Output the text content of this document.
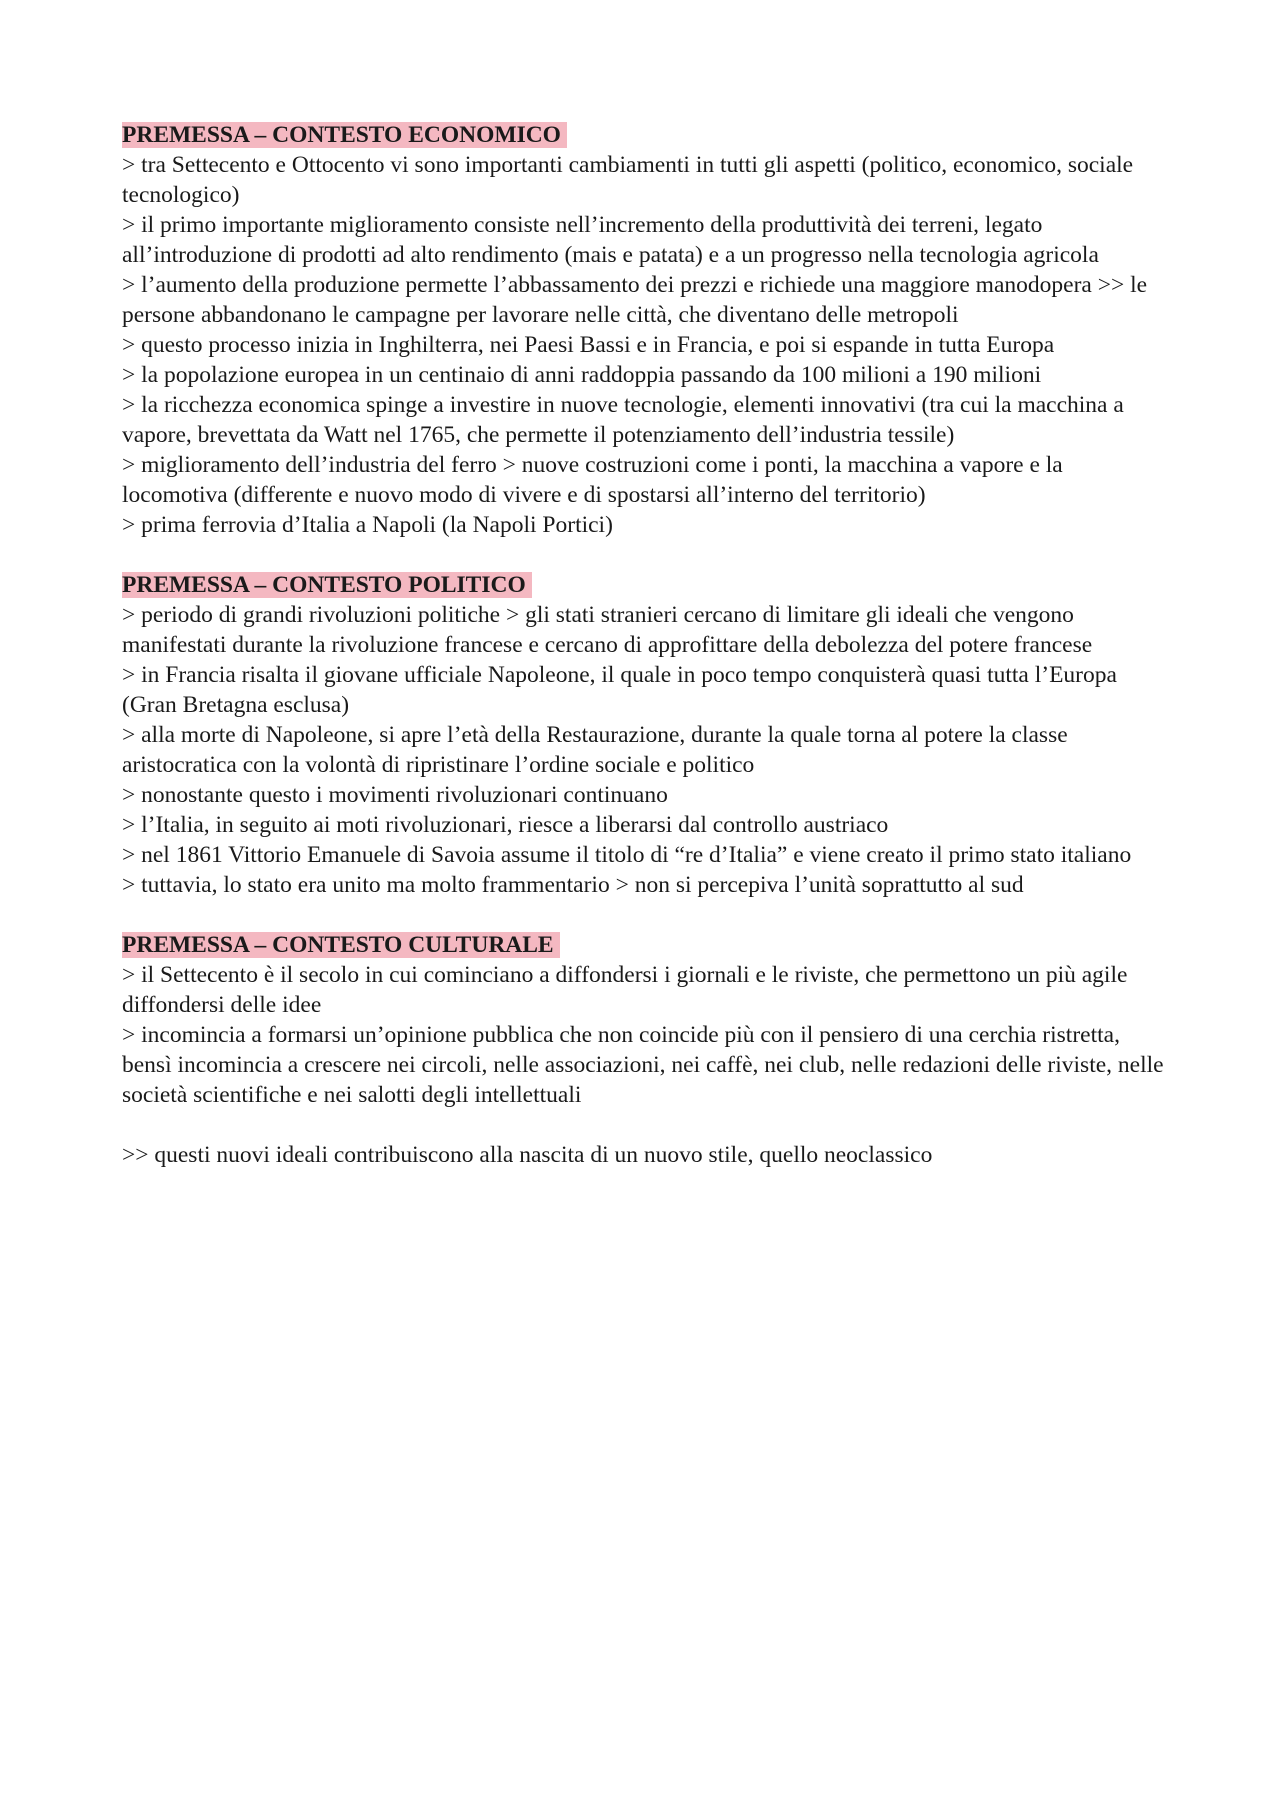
PREMESSA – CONTESTO ECONOMICO

> tra Settecento e Ottocento vi sono importanti cambiamenti in tutti gli aspetti (politico, economico, sociale tecnologico)

> il primo importante miglioramento consiste nell’incremento della produttività dei terreni, legato all’introduzione di prodotti ad alto rendimento (mais e patata) e a un progresso nella tecnologia agricola

> l’aumento della produzione permette l’abbassamento dei prezzi e richiede una maggiore manodopera >> le persone abbandonano le campagne per lavorare nelle città, che diventano delle metropoli

> questo processo inizia in Inghilterra, nei Paesi Bassi e in Francia, e poi si espande in tutta Europa

> la popolazione europea in un centinaio di anni raddoppia passando da 100 milioni a 190 milioni

> la ricchezza economica spinge a investire in nuove tecnologie, elementi innovativi (tra cui la macchina a vapore, brevettata da Watt nel 1765, che permette il potenziamento dell’industria tessile)

> miglioramento dell’industria del ferro > nuove costruzioni come i ponti, la macchina a vapore e la locomotiva (differente e nuovo modo di vivere e di spostarsi all’interno del territorio)

> prima ferrovia d’Italia a Napoli (la Napoli Portici)

PREMESSA – CONTESTO POLITICO

> periodo di grandi rivoluzioni politiche > gli stati stranieri cercano di limitare gli ideali che vengono manifestati durante la rivoluzione francese e cercano di approfittare della debolezza del potere francese

> in Francia risalta il giovane ufficiale Napoleone, il quale in poco tempo conquisterà quasi tutta l’Europa (Gran Bretagna esclusa)

> alla morte di Napoleone, si apre l’età della Restaurazione, durante la quale torna al potere la classe aristocratica con la volontà di ripristinare l’ordine sociale e politico

> nonostante questo i movimenti rivoluzionari continuano

> l’Italia, in seguito ai moti rivoluzionari, riesce a liberarsi dal controllo austriaco

> nel 1861 Vittorio Emanuele di Savoia assume il titolo di “re d’Italia” e viene creato il primo stato italiano

> tuttavia, lo stato era unito ma molto frammentario > non si percepiva l’unità soprattutto al sud

PREMESSA – CONTESTO CULTURALE

> il Settecento è il secolo in cui cominciano a diffondersi i giornali e le riviste, che permettono un più agile diffondersi delle idee

> incomincia a formarsi un’opinione pubblica che non coincide più con il pensiero di una cerchia ristretta, bensì incomincia a crescere nei circoli, nelle associazioni, nei caffè, nei club, nelle redazioni delle riviste, nelle società scientifiche e nei salotti degli intellettuali

>> questi nuovi ideali contribuiscono alla nascita di un nuovo stile, quello neoclassico
